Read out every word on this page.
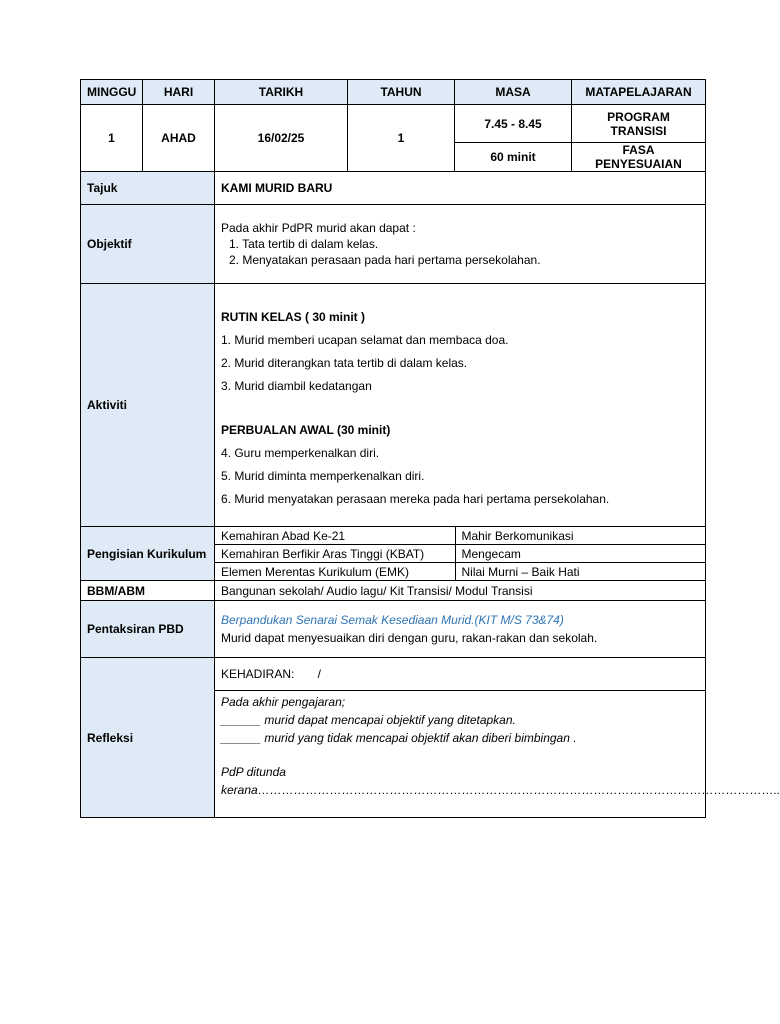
MINGGU	HARI	TARIKH	TAHUN	MASA	MATAPELAJARAN
1	AHAD	16/02/25	1	7.45 - 8.45	PROGRAM TRANSISI
60 minit	FASA PENYESUAIAN
Tajuk	KAMI MURID BARU
Objektif	
Pada akhir PdPR murid akan dapat :
1. Tata tertib di dalam kelas.
2. Menyatakan perasaan pada hari pertama persekolahan.

Aktiviti	
RUTIN KELAS ( 30 minit )
1. Murid memberi ucapan selamat dan membaca doa.
2. Murid diterangkan tata tertib di dalam kelas.
3. Murid diambil kedatangan
PERBUALAN AWAL (30 minit)
4. Guru memperkenalkan diri.
5. Murid diminta memperkenalkan diri.
6. Murid menyatakan perasaan mereka pada hari pertama persekolahan.

Pengisian Kurikulum	
Kemahiran Abad Ke-21	Mahir Berkomunikasi
Kemahiran Berfikir Aras Tinggi (KBAT)	Mengecam
Elemen Merentas Kurikulum (EMK)	Nilai Murni – Baik Hati

BBM/ABM	Bangunan sekolah/ Audio lagu/ Kit Transisi/ Modul Transisi
Pentaksiran PBD	
Berpandukan Senarai Semak Kesediaan Murid.(KIT M/S 73&74)
Murid dapat menyesuaikan diri dengan guru, rakan-rakan dan sekolah.

Refleksi	KEHADIRAN:       /

Pada akhir pengajaran;
______ murid dapat mencapai objektif yang ditetapkan.
______ murid yang tidak mencapai objektif akan diberi bimbingan .
PdP ditunda
kerana…………………………………………………………………………………………………………………..
